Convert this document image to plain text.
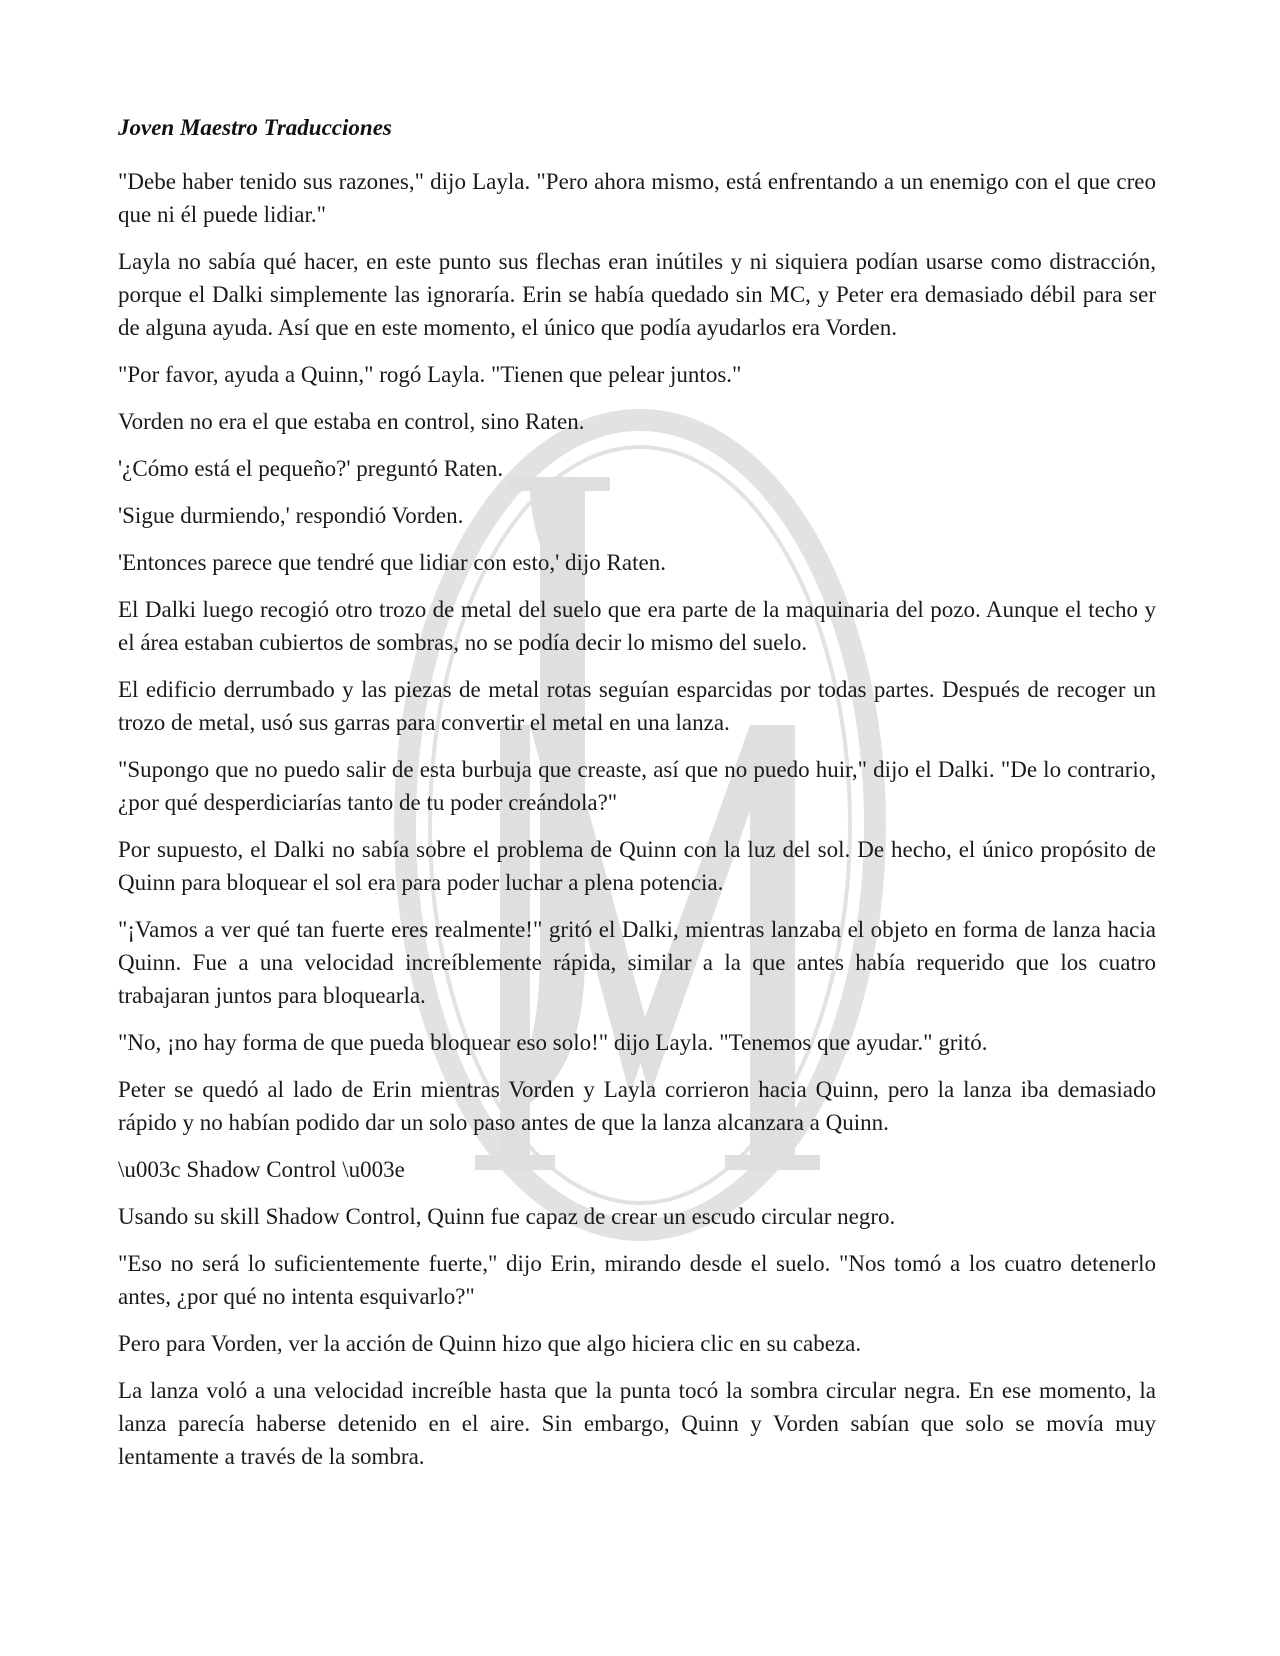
Joven Maestro Traducciones

"Debe haber tenido sus razones," dijo Layla. "Pero ahora mismo, está enfrentando a un enemigo con el que creo que ni él puede lidiar."

Layla no sabía qué hacer, en este punto sus flechas eran inútiles y ni siquiera podían usarse como distracción, porque el Dalki simplemente las ignoraría. Erin se había quedado sin MC, y Peter era demasiado débil para ser de alguna ayuda. Así que en este momento, el único que podía ayudarlos era Vorden.

"Por favor, ayuda a Quinn," rogó Layla. "Tienen que pelear juntos."

Vorden no era el que estaba en control, sino Raten.

'¿Cómo está el pequeño?' preguntó Raten.

'Sigue durmiendo,' respondió Vorden.

'Entonces parece que tendré que lidiar con esto,' dijo Raten.

El Dalki luego recogió otro trozo de metal del suelo que era parte de la maquinaria del pozo. Aunque el techo y el área estaban cubiertos de sombras, no se podía decir lo mismo del suelo.

El edificio derrumbado y las piezas de metal rotas seguían esparcidas por todas partes. Después de recoger un trozo de metal, usó sus garras para convertir el metal en una lanza.

"Supongo que no puedo salir de esta burbuja que creaste, así que no puedo huir," dijo el Dalki. "De lo contrario, ¿por qué desperdiciarías tanto de tu poder creándola?"

Por supuesto, el Dalki no sabía sobre el problema de Quinn con la luz del sol. De hecho, el único propósito de Quinn para bloquear el sol era para poder luchar a plena potencia.

"¡Vamos a ver qué tan fuerte eres realmente!" gritó el Dalki, mientras lanzaba el objeto en forma de lanza hacia Quinn. Fue a una velocidad increíblemente rápida, similar a la que antes había requerido que los cuatro trabajaran juntos para bloquearla.

"No, ¡no hay forma de que pueda bloquear eso solo!" dijo Layla. "Tenemos que ayudar." gritó.

Peter se quedó al lado de Erin mientras Vorden y Layla corrieron hacia Quinn, pero la lanza iba demasiado rápido y no habían podido dar un solo paso antes de que la lanza alcanzara a Quinn.

\u003c Shadow Control \u003e

Usando su skill Shadow Control, Quinn fue capaz de crear un escudo circular negro.

"Eso no será lo suficientemente fuerte," dijo Erin, mirando desde el suelo. "Nos tomó a los cuatro detenerlo antes, ¿por qué no intenta esquivarlo?"

Pero para Vorden, ver la acción de Quinn hizo que algo hiciera clic en su cabeza.

La lanza voló a una velocidad increíble hasta que la punta tocó la sombra circular negra. En ese momento, la lanza parecía haberse detenido en el aire. Sin embargo, Quinn y Vorden sabían que solo se movía muy lentamente a través de la sombra.
